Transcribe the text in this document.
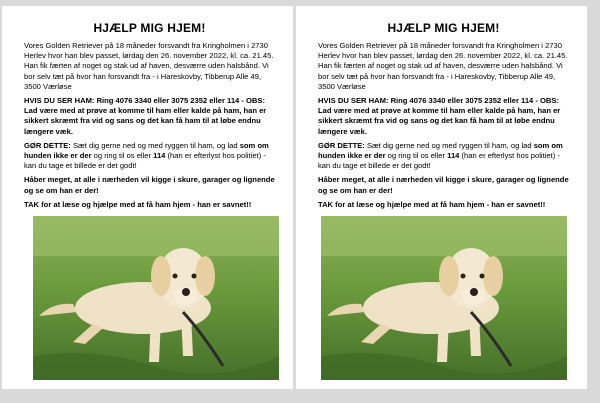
HJÆLP MIG HJEM!

Vores Golden Retriever på 18 måneder forsvandt fra Kringholmen i 2730 Herlev hvor han blev passet, lørdag den 26. november 2022, kl. ca. 21.45. Han fik færten af noget og stak ud af haven, desværre uden halsbånd. Vi bor selv tæt på hvor han forsvandt fra - i Hareskovby, Tibberup Alle 49, 3500 Værløse

HVIS DU SER HAM: Ring 4076 3340 eller 3075 2352 eller 114 - OBS: Lad være med at prøve at komme til ham eller kalde på ham, han er sikkert skræmt fra vid og sans og det kan få ham til at løbe endnu længere væk.

GØR DETTE: Sæt dig gerne ned og med ryggen til ham, og lad som om hunden ikke er der og ring til os eller 114 (han er efterlyst hos politiet) - kan du tage et billede er det godt!

Håber meget, at alle i nærheden vil kigge i skure, garager og lignende og se om han er der!

TAK for at læse og hjælpe med at få ham hjem - han er savnet!!

HJÆLP MIG HJEM!

Vores Golden Retriever på 18 måneder forsvandt fra Kringholmen i 2730 Herlev hvor han blev passet, lørdag den 26. november 2022, kl. ca. 21.45. Han fik færten af noget og stak ud af haven, desværre uden halsbånd. Vi bor selv tæt på hvor han forsvandt fra - i Hareskovby, Tibberup Alle 49, 3500 Værløse

HVIS DU SER HAM: Ring 4076 3340 eller 3075 2352 eller 114 - OBS: Lad være med at prøve at komme til ham eller kalde på ham, han er sikkert skræmt fra vid og sans og det kan få ham til at løbe endnu længere væk.

GØR DETTE: Sæt dig gerne ned og med ryggen til ham, og lad som om hunden ikke er der og ring til os eller 114 (han er efterlyst hos politiet) - kan du tage et billede er det godt!

Håber meget, at alle i nærheden vil kigge i skure, garager og lignende og se om han er der!

TAK for at læse og hjælpe med at få ham hjem - han er savnet!!
